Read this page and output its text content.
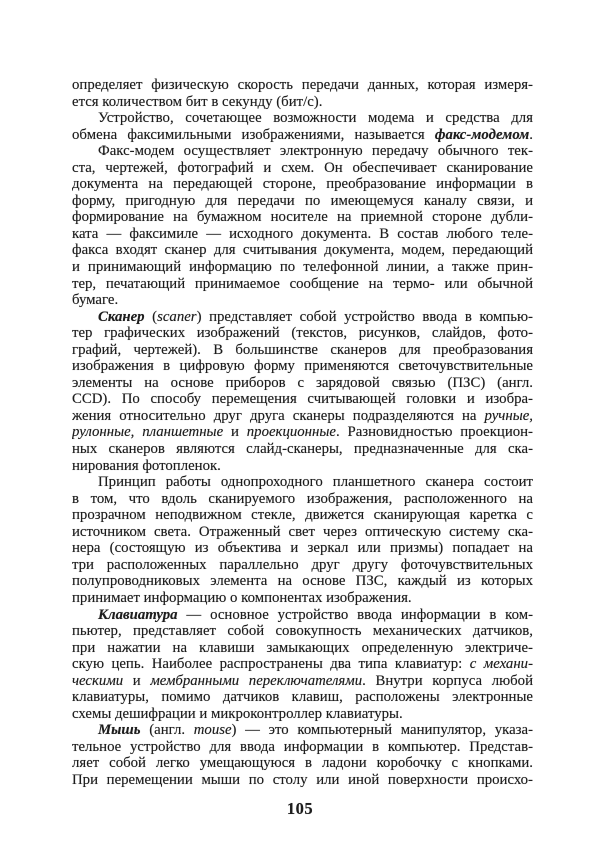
определяет физическую скорость передачи данных, которая измеря-
ется количеством бит в секунду (бит/с).
Устройство, сочетающее возможности модема и средства для
обмена факсимильными изображениями, называется факс-модемом.
Факс-модем осуществляет электронную передачу обычного тек-
ста, чертежей, фотографий и схем. Он обеспечивает сканирование
документа на передающей стороне, преобразование информации в
форму, пригодную для передачи по имеющемуся каналу связи, и
формирование на бумажном носителе на приемной стороне дубли-
ката — факсимиле — исходного документа. В состав любого теле-
факса входят сканер для считывания документа, модем, передающий
и принимающий информацию по телефонной линии, а также прин-
тер, печатающий принимаемое сообщение на термо- или обычной
бумаге.
Сканер (scaner) представляет собой устройство ввода в компью-
тер графических изображений (текстов, рисунков, слайдов, фото-
графий, чертежей). В большинстве сканеров для преобразования
изображения в цифровую форму применяются светочувствительные
элементы на основе приборов с зарядовой связью (ПЗС) (англ.
CCD). По способу перемещения считывающей головки и изобра-
жения относительно друг друга сканеры подразделяются на ручные,
рулонные, планшетные и проекционные. Разновидностью проекцион-
ных сканеров являются слайд-сканеры, предназначенные для ска-
нирования фотопленок.
Принцип работы однопроходного планшетного сканера состоит
в том, что вдоль сканируемого изображения, расположенного на
прозрачном неподвижном стекле, движется сканирующая каретка с
источником света. Отраженный свет через оптическую систему ска-
нера (состоящую из объектива и зеркал или призмы) попадает на
три расположенных параллельно друг другу фоточувствительных
полупроводниковых элемента на основе ПЗС, каждый из которых
принимает информацию о компонентах изображения.
Клавиатура — основное устройство ввода информации в ком-
пьютер, представляет собой совокупность механических датчиков,
при нажатии на клавиши замыкающих определенную электриче-
скую цепь. Наиболее распространены два типа клавиатур: с механи-
ческими и мембранными переключателями. Внутри корпуса любой
клавиатуры, помимо датчиков клавиш, расположены электронные
схемы дешифрации и микроконтроллер клавиатуры.
Мышь (англ. mouse) — это компьютерный манипулятор, указа-
тельное устройство для ввода информации в компьютер. Представ-
ляет собой легко умещающуюся в ладони коробочку с кнопками.
При перемещении мыши по столу или иной поверхности происхо-
105
